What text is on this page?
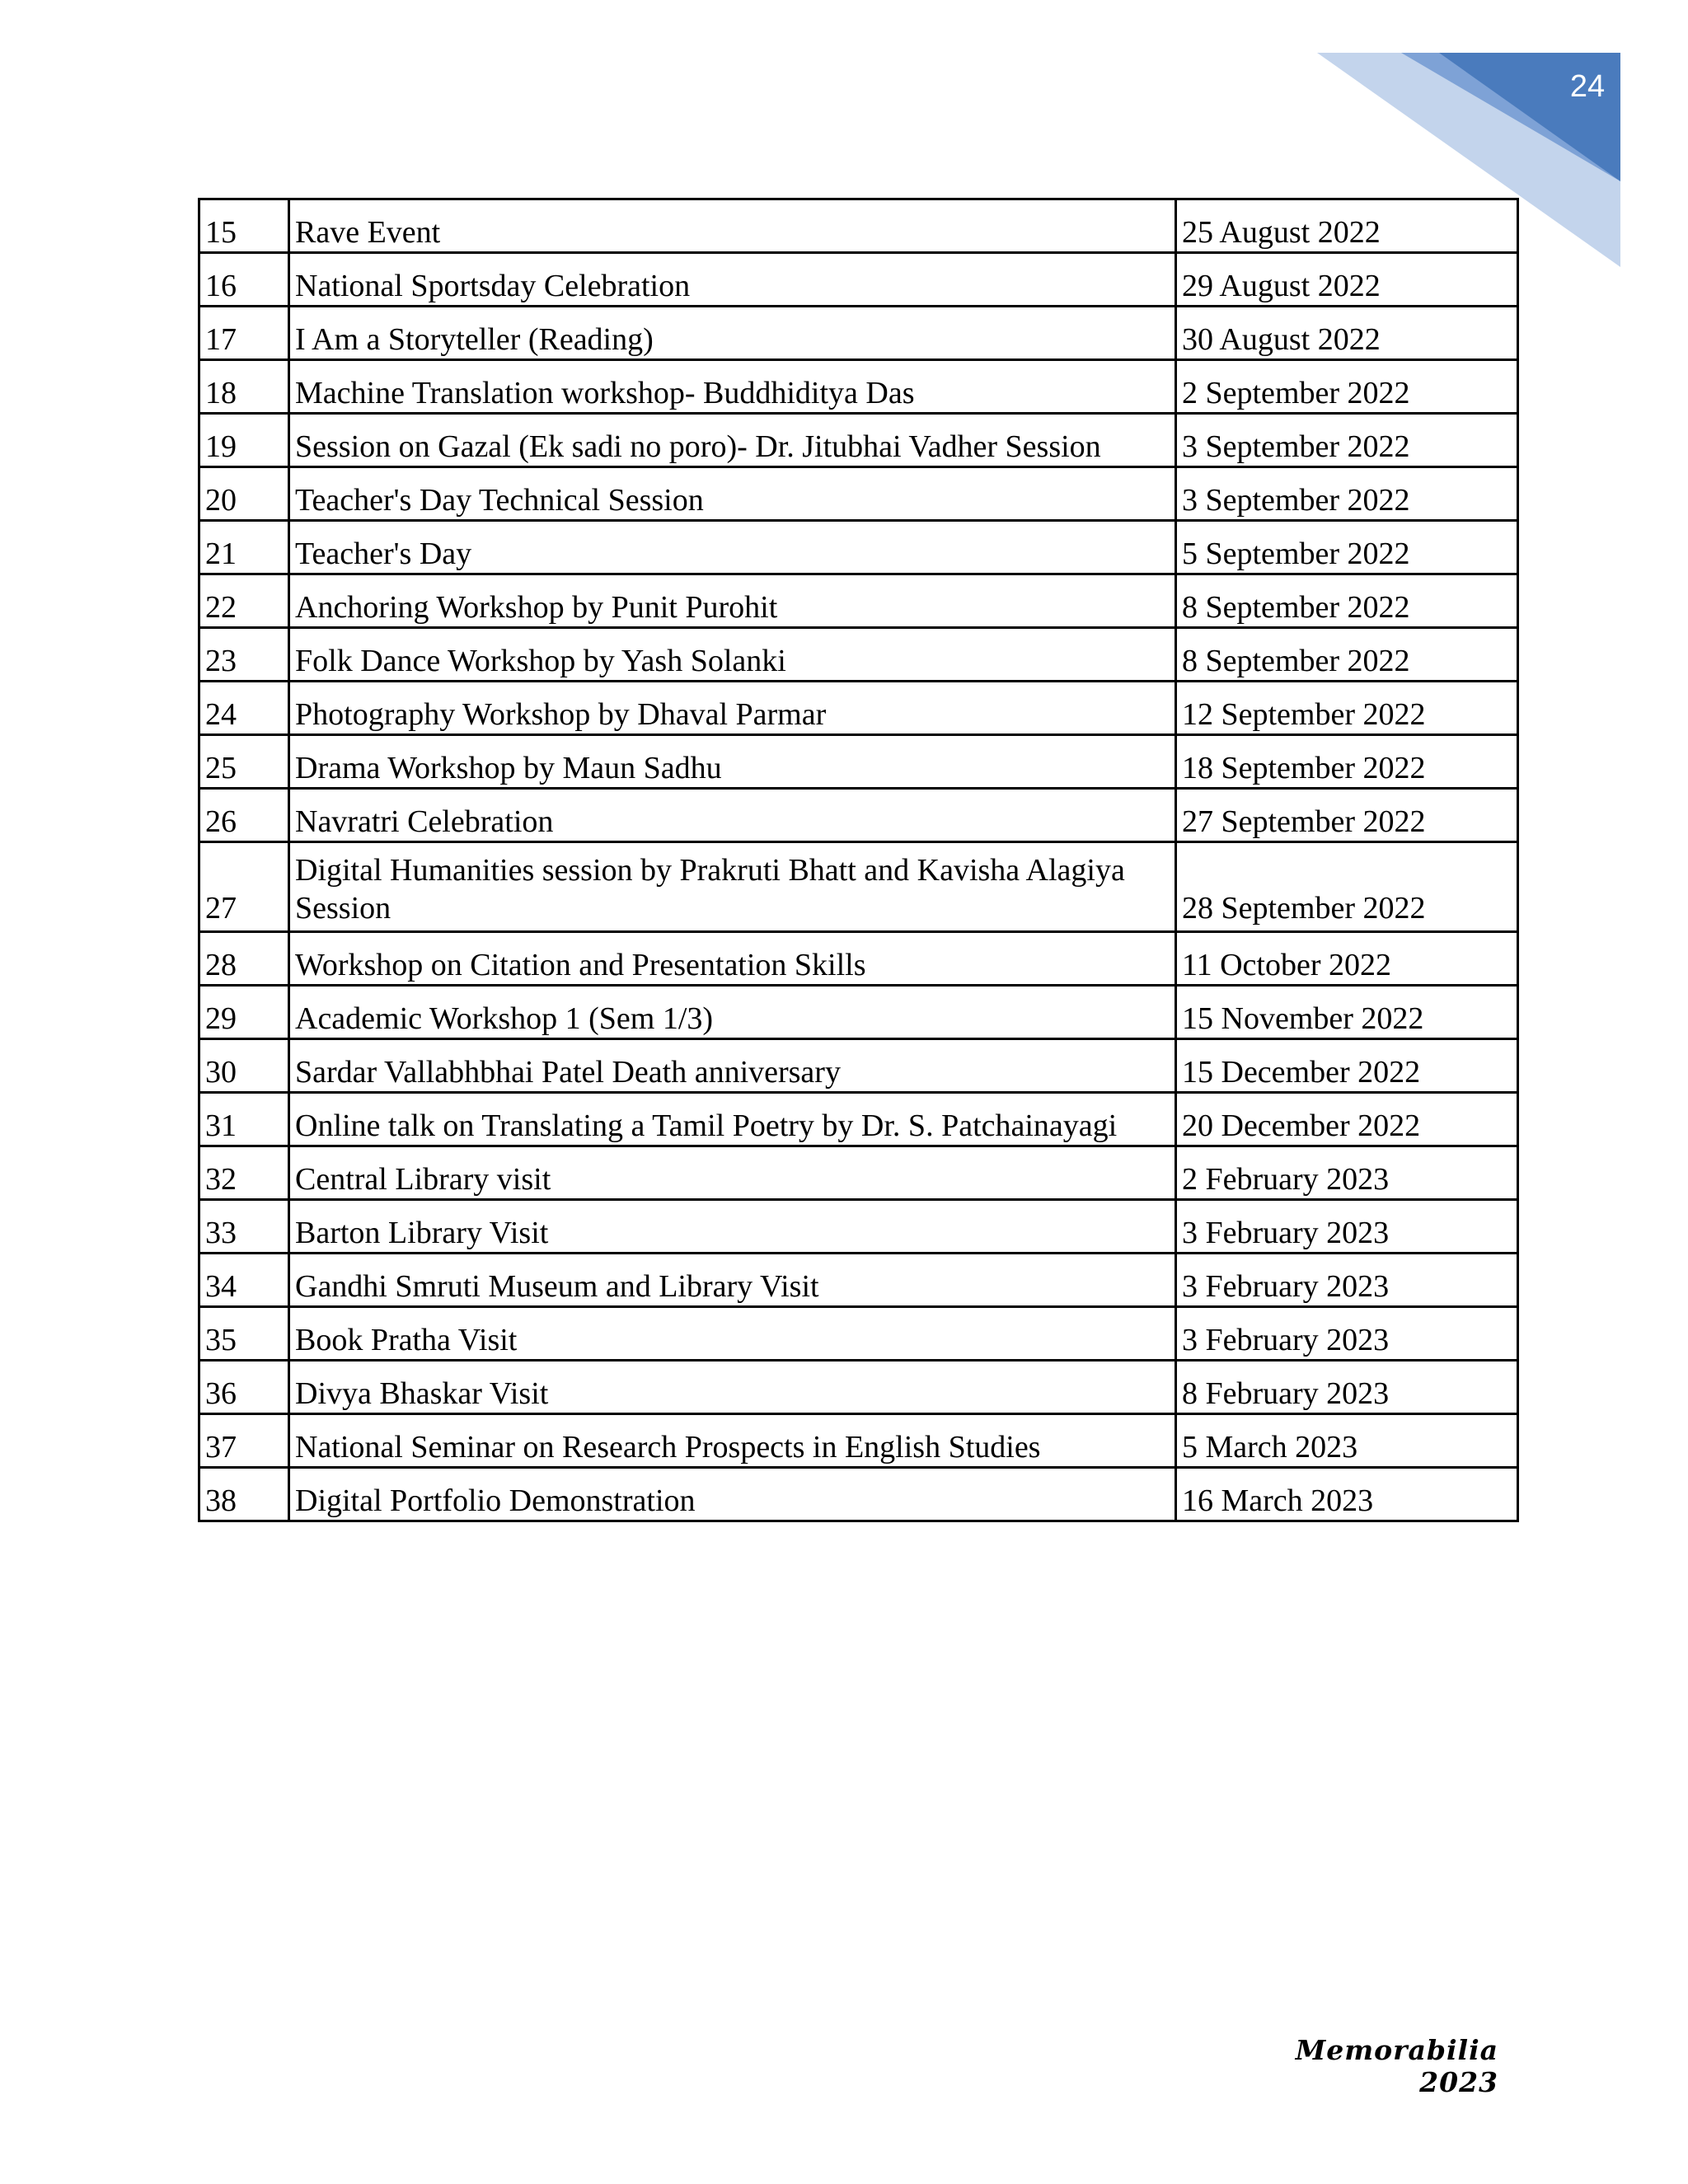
24
15	Rave Event	25 August 2022
16	National Sportsday Celebration	29 August 2022
17	I Am a Storyteller (Reading)	30 August 2022
18	Machine Translation workshop- Buddhiditya Das	2 September 2022
19	Session on Gazal (Ek sadi no poro)- Dr. Jitubhai Vadher Session	3 September 2022
20	Teacher's Day Technical Session	3 September 2022
21	Teacher's Day	5 September 2022
22	Anchoring Workshop by Punit Purohit	8 September 2022
23	Folk Dance Workshop by Yash Solanki	8 September 2022
24	Photography Workshop by Dhaval Parmar	12 September 2022
25	Drama Workshop by Maun Sadhu	18 September 2022
26	Navratri Celebration	27 September 2022
27	Digital Humanities session by Prakruti Bhatt and Kavisha Alagiya Session	28 September 2022
28	Workshop on Citation and Presentation Skills	11 October 2022
29	Academic Workshop 1 (Sem 1/3)	15 November 2022
30	Sardar Vallabhbhai Patel Death anniversary	15 December 2022
31	Online talk on Translating a Tamil Poetry by Dr. S. Patchainayagi	20 December 2022
32	Central Library visit	2 February 2023
33	Barton Library Visit	3 February 2023
34	Gandhi Smruti Museum and Library Visit	3 February 2023
35	Book Pratha Visit	3 February 2023
36	Divya Bhaskar Visit	8 February 2023
37	National Seminar on Research Prospects in English Studies	5 March 2023
38	Digital Portfolio Demonstration	16 March 2023
Memorabilia 2023
